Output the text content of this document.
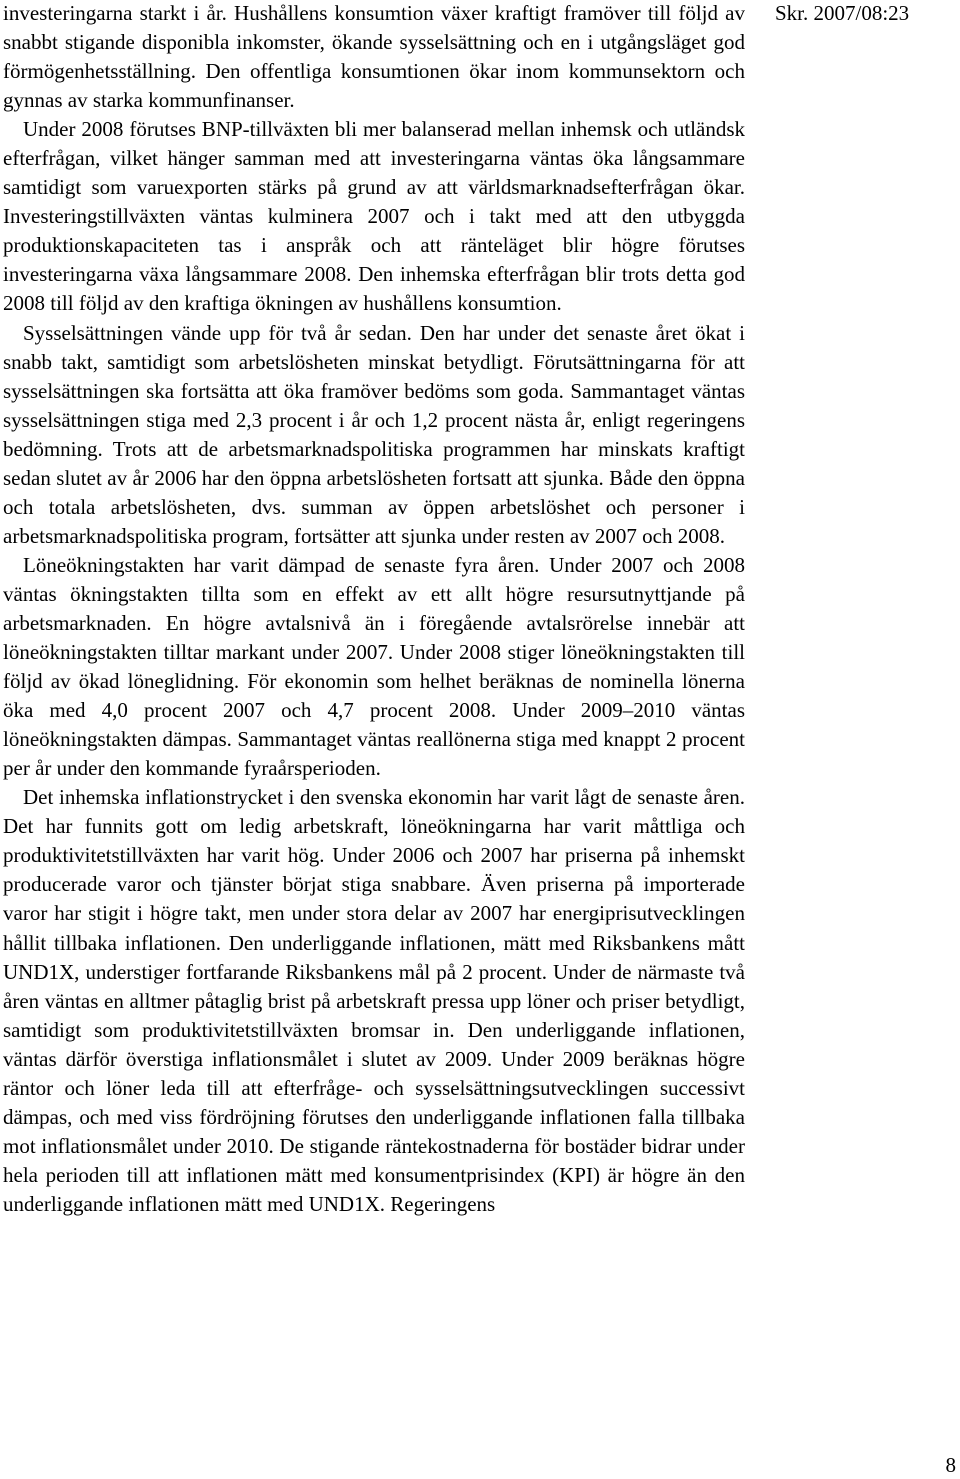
investeringarna starkt i år. Hushållens konsumtion växer kraftigt framöver till följd av snabbt stigande disponibla inkomster, ökande sysselsättning och en i utgångsläget god förmögenhetsställning. Den offentliga konsumtionen ökar inom kommunsektorn och gynnas av starka kommunfinanser.

Under 2008 förutses BNP-tillväxten bli mer balanserad mellan inhemsk och utländsk efterfrågan, vilket hänger samman med att investeringarna väntas öka långsammare samtidigt som varuexporten stärks på grund av att världsmarknadsefterfrågan ökar. Investeringstillväxten väntas kulminera 2007 och i takt med att den utbyggda produktionskapaciteten tas i anspråk och att ränteläget blir högre förutses investeringarna växa långsammare 2008. Den inhemska efterfrågan blir trots detta god 2008 till följd av den kraftiga ökningen av hushållens konsumtion.

Sysselsättningen vände upp för två år sedan. Den har under det senaste året ökat i snabb takt, samtidigt som arbetslösheten minskat betydligt. Förutsättningarna för att sysselsättningen ska fortsätta att öka framöver bedöms som goda. Sammantaget väntas sysselsättningen stiga med 2,3 procent i år och 1,2 procent nästa år, enligt regeringens bedömning. Trots att de arbetsmarknadspolitiska programmen har minskats kraftigt sedan slutet av år 2006 har den öppna arbetslösheten fortsatt att sjunka. Både den öppna och totala arbetslösheten, dvs. summan av öppen arbetslöshet och personer i arbetsmarknadspolitiska program, fortsätter att sjunka under resten av 2007 och 2008.

Löneökningstakten har varit dämpad de senaste fyra åren. Under 2007 och 2008 väntas ökningstakten tillta som en effekt av ett allt högre resursutnyttjande på arbetsmarknaden. En högre avtalsnivå än i föregående avtalsrörelse innebär att löneökningstakten tilltar markant under 2007. Under 2008 stiger löneökningstakten till följd av ökad löneglidning. För ekonomin som helhet beräknas de nominella lönerna öka med 4,0 procent 2007 och 4,7 procent 2008. Under 2009–2010 väntas löneökningstakten dämpas. Sammantaget väntas reallönerna stiga med knappt 2 procent per år under den kommande fyraårsperioden.

Det inhemska inflationstrycket i den svenska ekonomin har varit lågt de senaste åren. Det har funnits gott om ledig arbetskraft, löneökningarna har varit måttliga och produktivitetstillväxten har varit hög. Under 2006 och 2007 har priserna på inhemskt producerade varor och tjänster börjat stiga snabbare. Även priserna på importerade varor har stigit i högre takt, men under stora delar av 2007 har energiprisutvecklingen hållit tillbaka inflationen. Den underliggande inflationen, mätt med Riksbankens mått UND1X, understiger fortfarande Riksbankens mål på 2 procent. Under de närmaste två åren väntas en alltmer påtaglig brist på arbetskraft pressa upp löner och priser betydligt, samtidigt som produktivitetstillväxten bromsar in. Den underliggande inflationen, väntas därför överstiga inflationsmålet i slutet av 2009. Under 2009 beräknas högre räntor och löner leda till att efterfråge- och sysselsättningsutvecklingen successivt dämpas, och med viss fördröjning förutses den underliggande inflationen falla tillbaka mot inflationsmålet under 2010. De stigande räntekostnaderna för bostäder bidrar under hela perioden till att inflationen mätt med konsumentprisindex (KPI) är högre än den underliggande inflationen mätt med UND1X. Regeringens

Skr. 2007/08:23
8
